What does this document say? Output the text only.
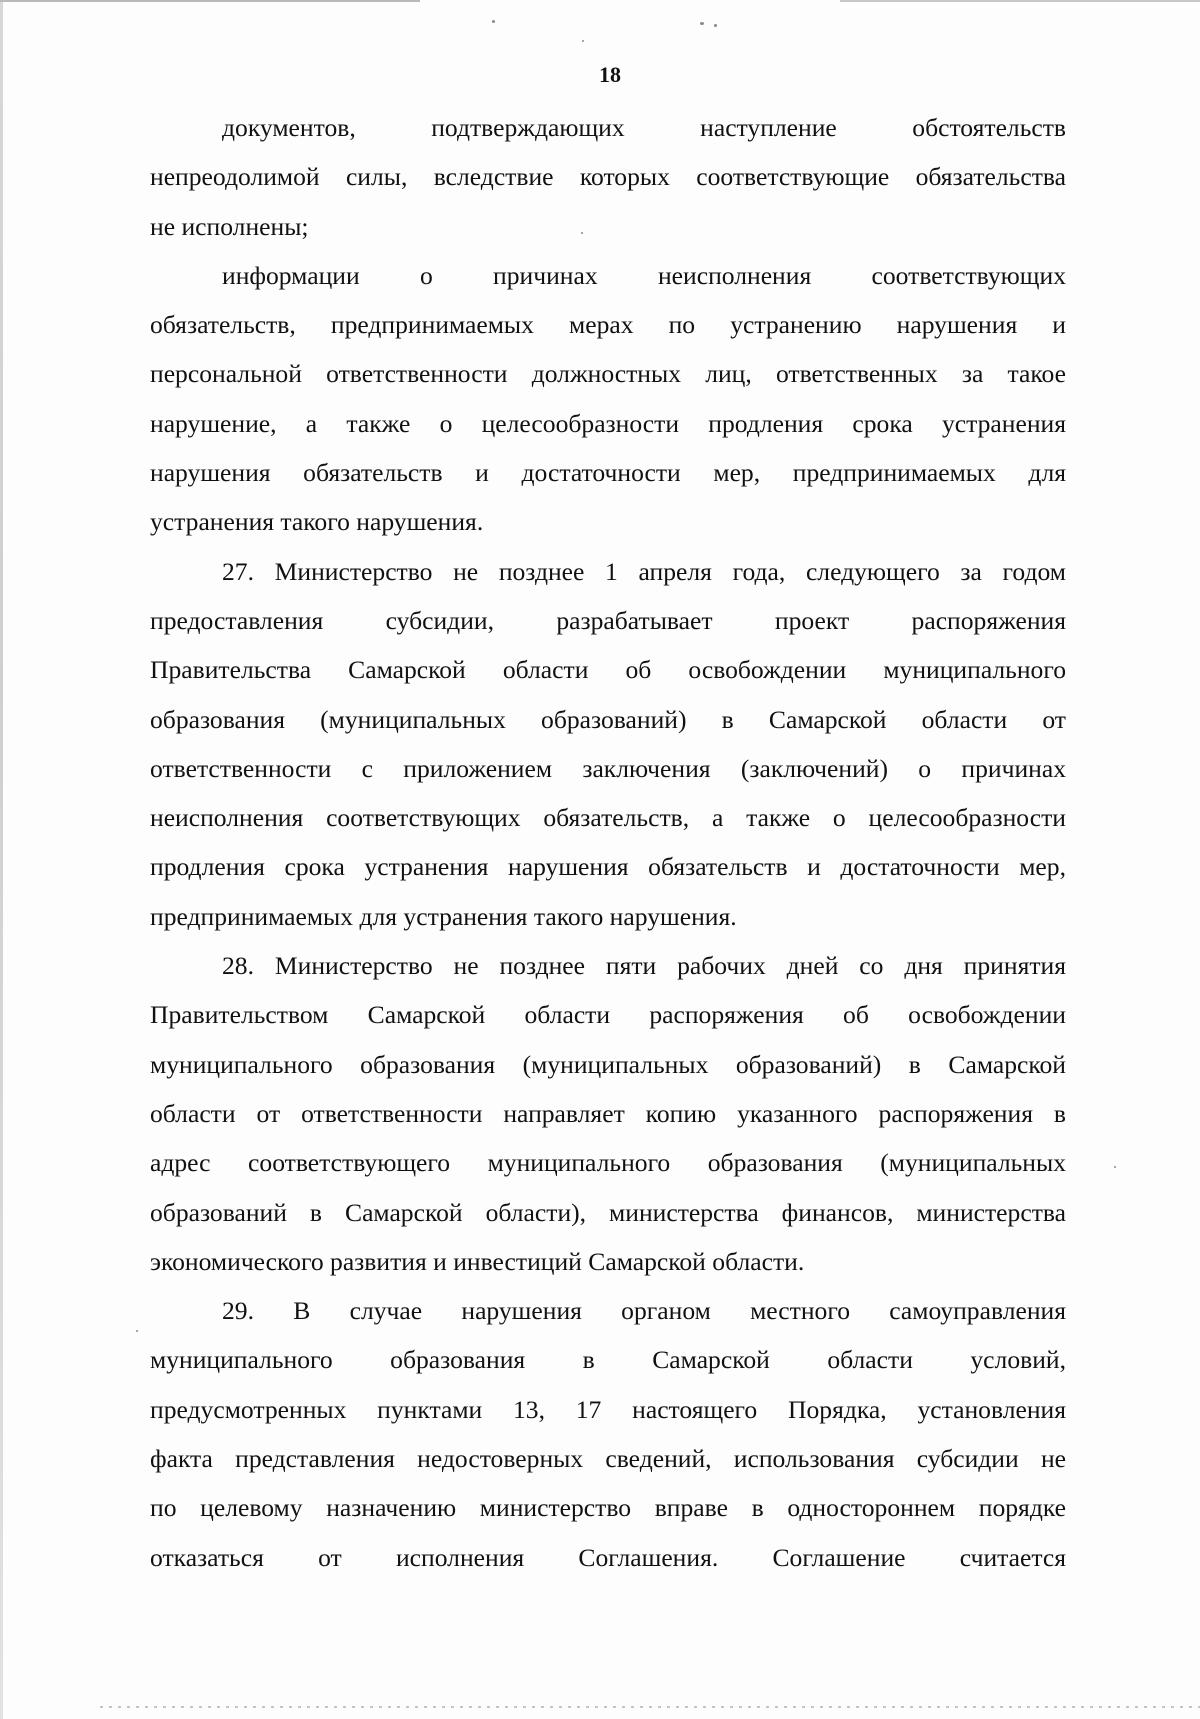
18
документов, подтверждающих наступление обстоятельств
непреодолимой силы, вследствие которых соответствующие обязательства
не исполнены;
информации о причинах неисполнения соответствующих
обязательств, предпринимаемых мерах по устранению нарушения и
персональной ответственности должностных лиц, ответственных за такое
нарушение, а также о целесообразности продления срока устранения
нарушения обязательств и достаточности мер, предпринимаемых для
устранения такого нарушения.
27. Министерство не позднее 1 апреля года, следующего за годом
предоставления субсидии, разрабатывает проект распоряжения
Правительства Самарской области об освобождении муниципального
образования (муниципальных образований) в Самарской области от
ответственности с приложением заключения (заключений) о причинах
неисполнения соответствующих обязательств, а также о целесообразности
продления срока устранения нарушения обязательств и достаточности мер,
предпринимаемых для устранения такого нарушения.
28. Министерство не позднее пяти рабочих дней со дня принятия
Правительством Самарской области распоряжения об освобождении
муниципального образования (муниципальных образований) в Самарской
области от ответственности направляет копию указанного распоряжения в
адрес соответствующего муниципального образования (муниципальных
образований в Самарской области), министерства финансов, министерства
экономического развития и инвестиций Самарской области.
29. В случае нарушения органом местного самоуправления
муниципального образования в Самарской области условий,
предусмотренных пунктами 13, 17 настоящего Порядка, установления
факта представления недостоверных сведений, использования субсидии не
по целевому назначению министерство вправе в одностороннем порядке
отказаться от исполнения Соглашения. Соглашение считается
